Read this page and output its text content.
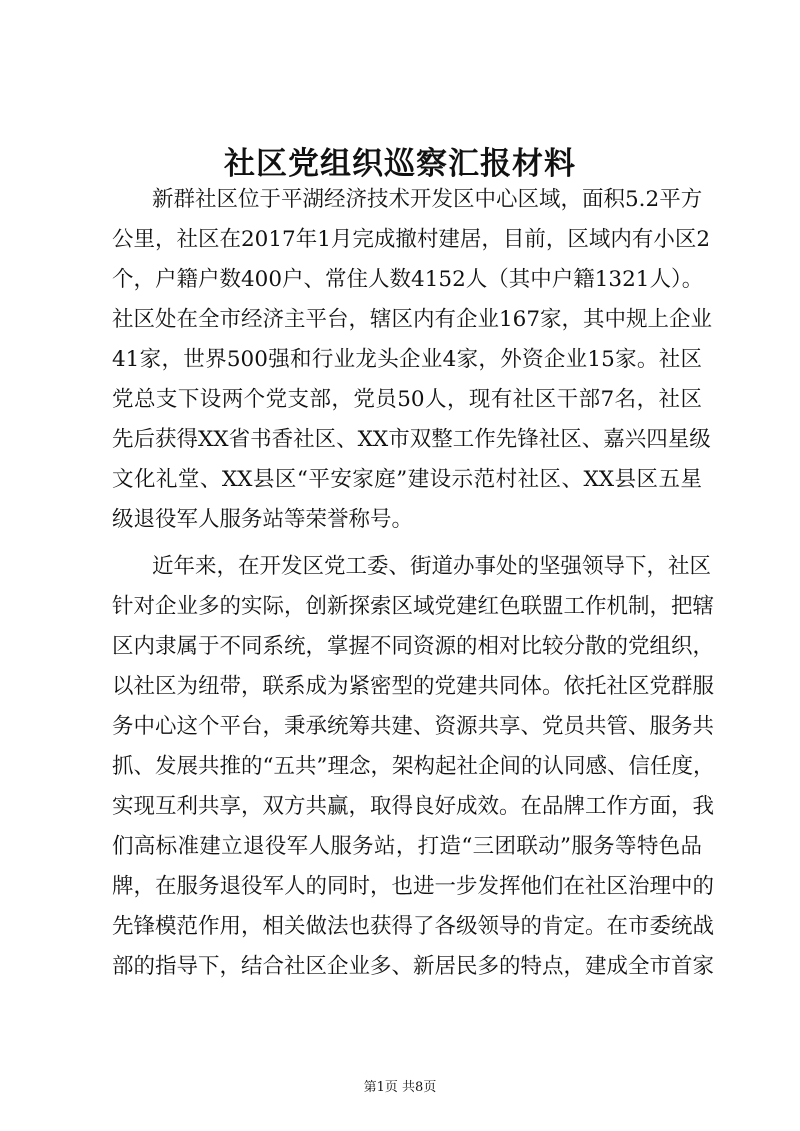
社区党组织巡察汇报材料
新群社区位于平湖经济技术开发区中心区域，面积5.2平方
公里，社区在2017年1月完成撤村建居，目前，区域内有小区2
个，户籍户数400户、常住人数4152人（其中户籍1321人）。
社区处在全市经济主平台，辖区内有企业167家，其中规上企业
41家，世界500强和行业龙头企业4家，外资企业15家。社区
党总支下设两个党支部，党员50人，现有社区干部7名，社区
先后获得XX省书香社区、XX市双整工作先锋社区、嘉兴四星级
文化礼堂、XX县区“平安家庭”建设示范村社区、XX县区五星
级退役军人服务站等荣誉称号。
近年来，在开发区党工委、街道办事处的坚强领导下，社区
针对企业多的实际，创新探索区域党建红色联盟工作机制，把辖
区内隶属于不同系统，掌握不同资源的相对比较分散的党组织，
以社区为纽带，联系成为紧密型的党建共同体。依托社区党群服
务中心这个平台，秉承统筹共建、资源共享、党员共管、服务共
抓、发展共推的“五共”理念，架构起社企间的认同感、信任度，
实现互利共享，双方共赢，取得良好成效。在品牌工作方面，我
们高标准建立退役军人服务站，打造“三团联动”服务等特色品
牌，在服务退役军人的同时，也进一步发挥他们在社区治理中的
先锋模范作用，相关做法也获得了各级领导的肯定。在市委统战
部的指导下，结合社区企业多、新居民多的特点，建成全市首家
第1页 共8页
